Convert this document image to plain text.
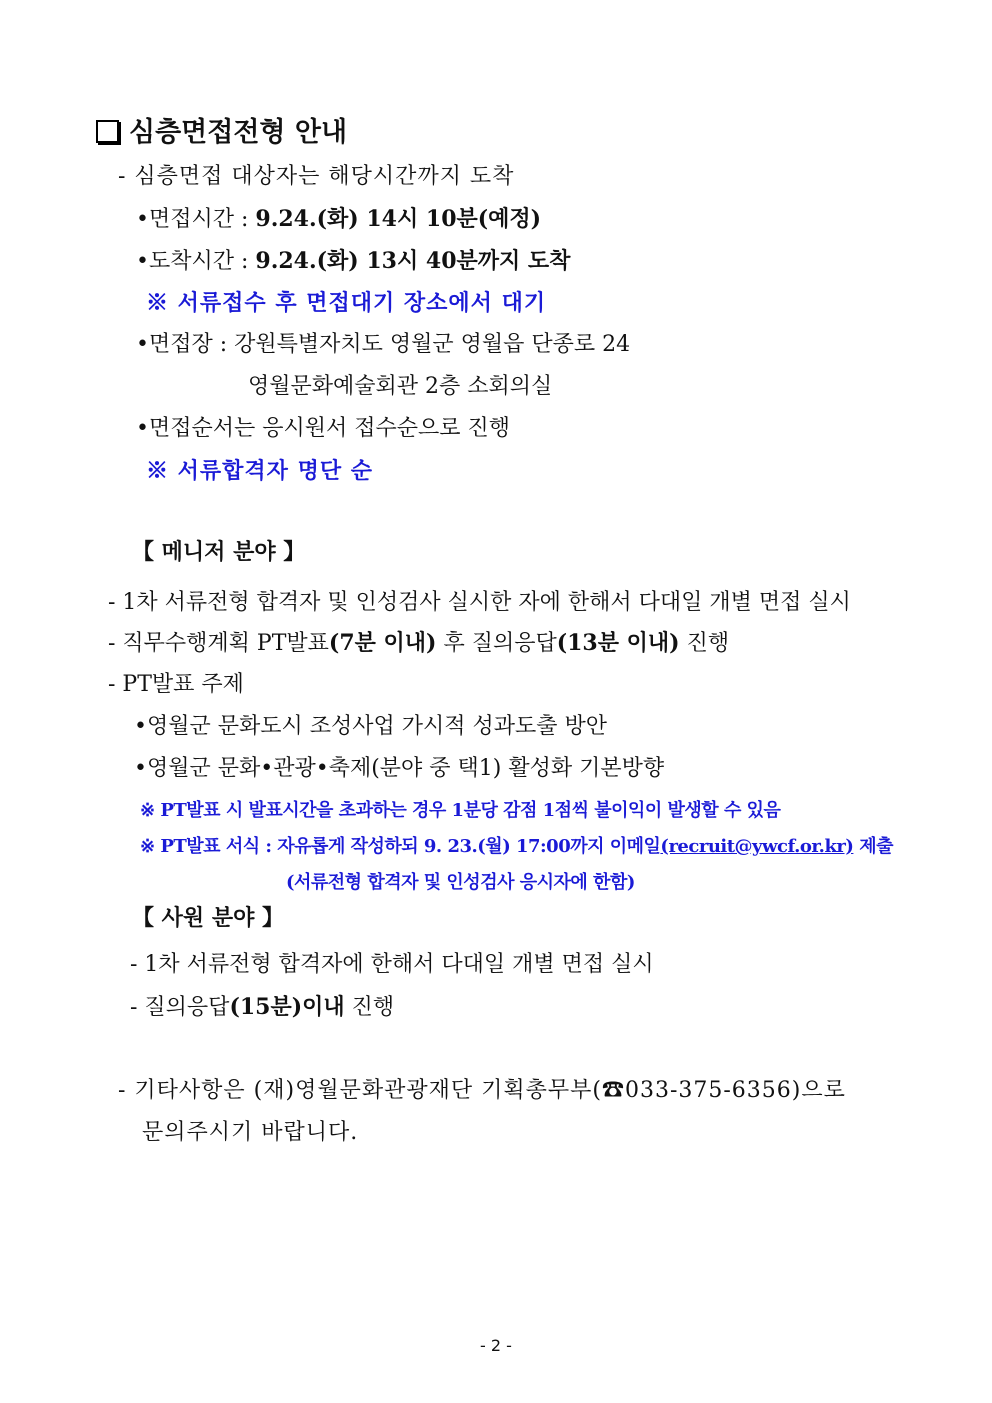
심층면접전형 안내
- 심층면접 대상자는 해당시간까지 도착
•면접시간 : 9.24.(화) 14시 10분(예정)
•도착시간 : 9.24.(화) 13시 40분까지 도착
※ 서류접수 후 면접대기 장소에서 대기
•면접장 : 강원특별자치도 영월군 영월읍 단종로 24
영월문화예술회관 2층 소회의실
•면접순서는 응시원서 접수순으로 진행
※ 서류합격자 명단 순
【 메니저 분야 】
- 1차 서류전형 합격자 및 인성검사 실시한 자에 한해서 다대일 개별 면접 실시
- 직무수행계획 PT발표(7분 이내) 후 질의응답(13분 이내) 진행
- PT발표 주제
•영월군 문화도시 조성사업 가시적 성과도출 방안
•영월군 문화•관광•축제(분야 중 택1) 활성화 기본방향
※ PT발표 시 발표시간을 초과하는 경우 1분당 감점 1점씩 불이익이 발생할 수 있음
※ PT발표 서식 : 자유롭게 작성하되 9. 23.(월) 17:00까지 이메일(recruit@ywcf.or.kr) 제출
(서류전형 합격자 및 인성검사 응시자에 한함)
【 사원 분야 】
- 1차 서류전형 합격자에 한해서 다대일 개별 면접 실시
- 질의응답(15분)이내 진행
- 기타사항은 (재)영월문화관광재단 기획총무부(☎033-375-6356)으로
문의주시기 바랍니다.
- 2 -
